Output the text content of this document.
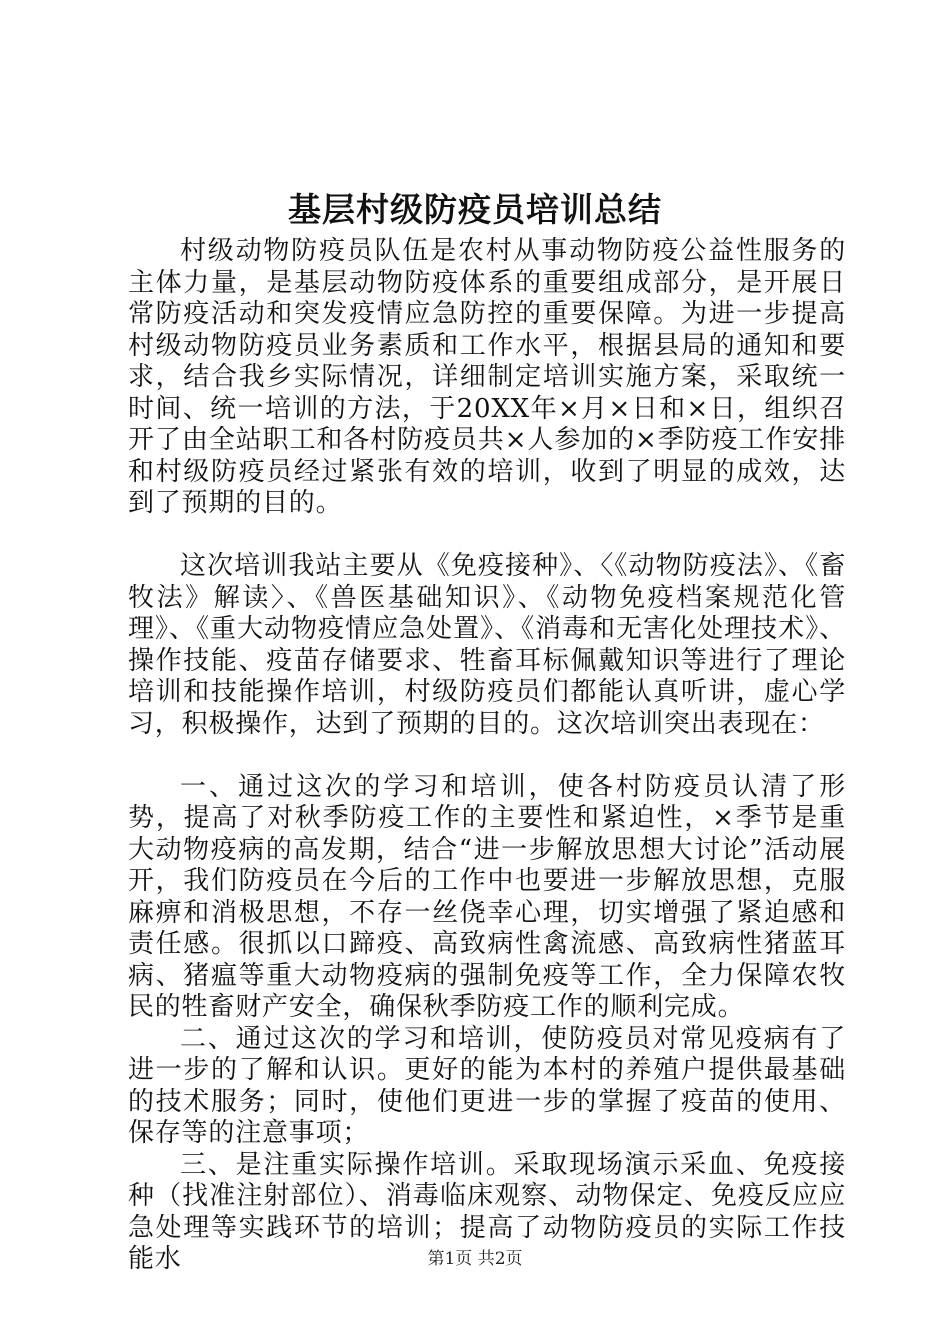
基层村级防疫员培训总结

村级动物防疫员队伍是农村从事动物防疫公益性服务的主体力量，是基层动物防疫体系的重要组成部分，是开展日常防疫活动和突发疫情应急防控的重要保障。为进一步提高村级动物防疫员业务素质和工作水平，根据县局的通知和要求，结合我乡实际情况，详细制定培训实施方案，采取统一时间、统一培训的方法，于20XX年×月×日和×日，组织召开了由全站职工和各村防疫员共×人参加的×季防疫工作安排和村级防疫员经过紧张有效的培训，收到了明显的成效，达到了预期的目的。

这次培训我站主要从《免疫接种》、〈《动物防疫法》、《畜牧法》解读〉、《兽医基础知识》、《动物免疫档案规范化管理》、《重大动物疫情应急处置》、《消毒和无害化处理技术》、操作技能、疫苗存储要求、牲畜耳标佩戴知识等进行了理论培训和技能操作培训，村级防疫员们都能认真听讲，虚心学习，积极操作，达到了预期的目的。这次培训突出表现在：

一、通过这次的学习和培训，使各村防疫员认清了形势，提高了对秋季防疫工作的主要性和紧迫性，×季节是重大动物疫病的高发期，结合“进一步解放思想大讨论”活动展开，我们防疫员在今后的工作中也要进一步解放思想，克服麻痹和消极思想，不存一丝侥幸心理，切实增强了紧迫感和责任感。很抓以口蹄疫、高致病性禽流感、高致病性猪蓝耳病、猪瘟等重大动物疫病的强制免疫等工作，全力保障农牧民的牲畜财产安全，确保秋季防疫工作的顺利完成。

二、通过这次的学习和培训，使防疫员对常见疫病有了进一步的了解和认识。更好的能为本村的养殖户提供最基础的技术服务；同时，使他们更进一步的掌握了疫苗的使用、保存等的注意事项；

三、是注重实际操作培训。采取现场演示采血、免疫接种（找准注射部位）、消毒临床观察、动物保定、免疫反应应急处理等实践环节的培训；提高了动物防疫员的实际工作技能水	第1页 共2页
